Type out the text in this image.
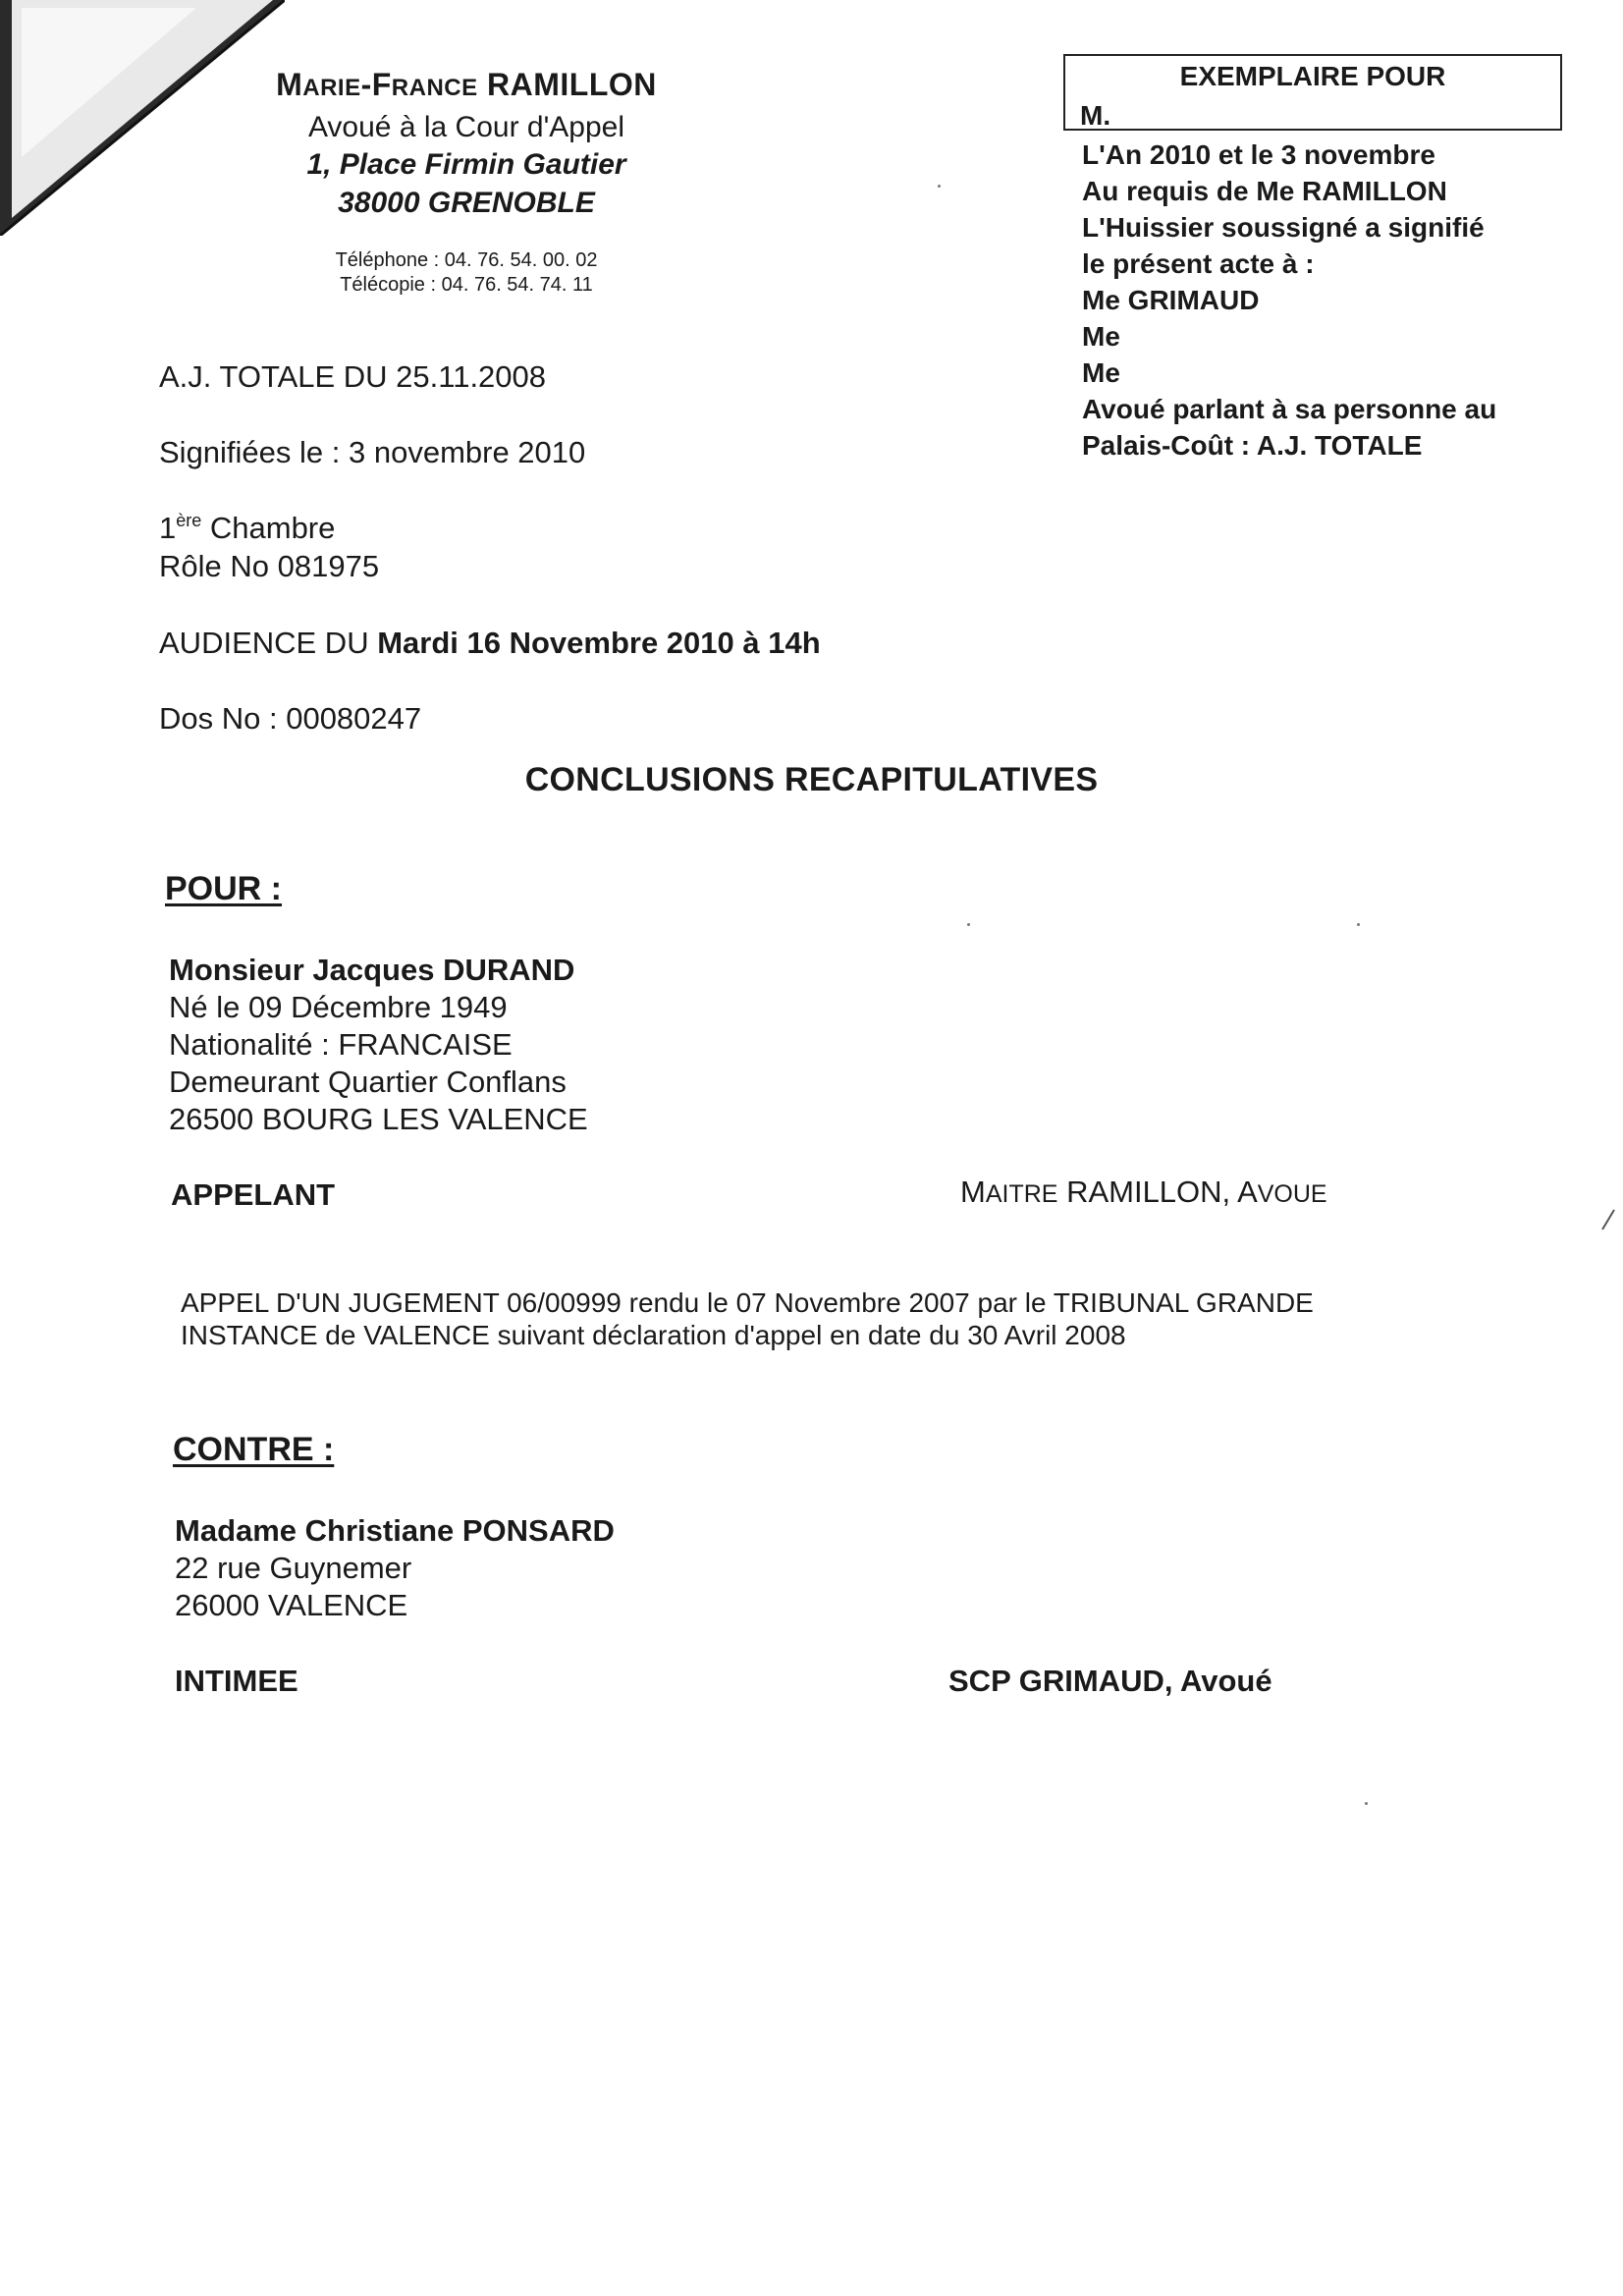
MARIE-FRANCE RAMILLON
Avoué à la Cour d'Appel
1, Place Firmin Gautier
38000 GRENOBLE
Téléphone : 04. 76. 54. 00. 02
Télécopie : 04. 76. 54. 74. 11
EXEMPLAIRE POUR
M.
L'An 2010 et le 3 novembre
Au requis de Me RAMILLON
L'Huissier soussigné a signifié
le présent acte à :
Me GRIMAUD
Me
Me
Avoué parlant à sa personne au
Palais-Coût : A.J. TOTALE
A.J. TOTALE DU 25.11.2008
Signifiées le : 3 novembre 2010
1ère Chambre
Rôle No 081975
AUDIENCE DU Mardi 16 Novembre 2010 à 14h
Dos No : 00080247
CONCLUSIONS RECAPITULATIVES
POUR :
Monsieur Jacques DURAND
Né le 09 Décembre 1949
Nationalité : FRANCAISE
Demeurant Quartier Conflans
26500 BOURG LES VALENCE
APPELANT	MAITRE RAMILLON, AVOUE
APPEL D'UN JUGEMENT 06/00999 rendu le 07 Novembre 2007 par le TRIBUNAL GRANDE
INSTANCE de VALENCE suivant déclaration d'appel en date du 30 Avril 2008
CONTRE :
Madame Christiane PONSARD
22 rue Guynemer
26000 VALENCE
INTIMEE	SCP GRIMAUD, Avoué
